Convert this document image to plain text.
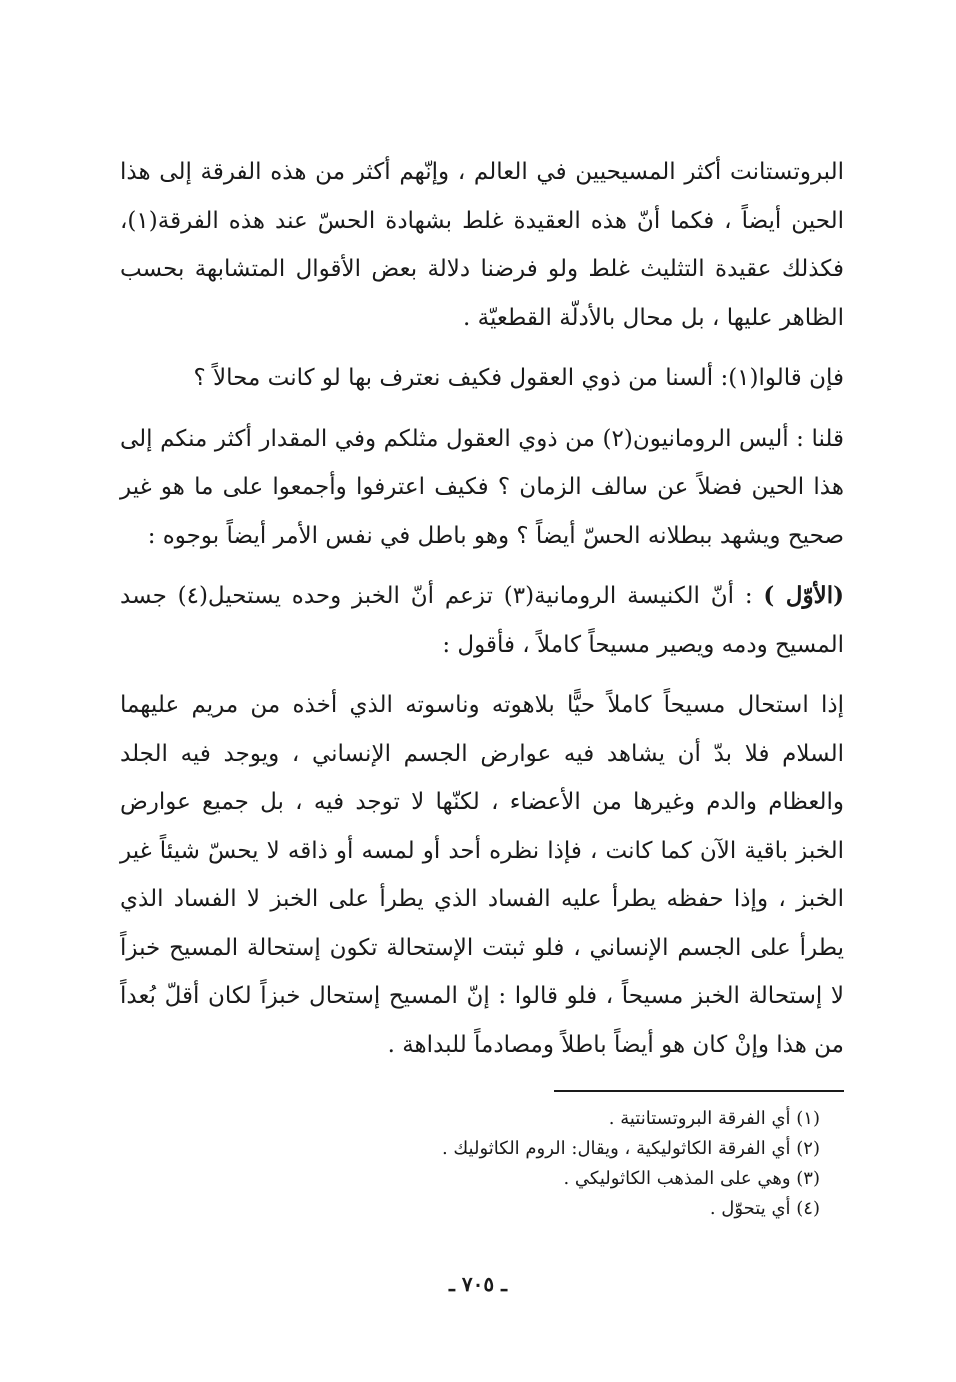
البروتستانت أكثر المسيحيين في العالم ، وإنّهم أكثر من هذه الفرقة إلى هذا الحين أيضاً ، فكما أنّ هذه العقيدة غلط بشهادة الحسّ عند هذه الفرقة(١)، فكذلك عقيدة التثليث غلط ولو فرضنا دلالة بعض الأقوال المتشابهة بحسب الظاهر عليها ، بل محال بالأدلّة القطعيّة .

فإن قالوا(١): ألسنا من ذوي العقول فكيف نعترف بها لو كانت محالاً ؟

قلنا : أليس الرومانيون(٢) من ذوي العقول مثلكم وفي المقدار أكثر منكم إلى هذا الحين فضلاً عن سالف الزمان ؟ فكيف اعترفوا وأجمعوا على ما هو غير صحيح ويشهد ببطلانه الحسّ أيضاً ؟ وهو باطل في نفس الأمر أيضاً بوجوه :

(الأوّل ) : أنّ الكنيسة الرومانية(٣) تزعم أنّ الخبز وحده يستحيل(٤) جسد المسيح ودمه ويصير مسيحاً كاملاً ، فأقول :

إذا استحال مسيحاً كاملاً حيًّا بلاهوته وناسوته الذي أخذه من مريم عليهما السلام فلا بدّ أن يشاهد فيه عوارض الجسم الإنساني ، ويوجد فيه الجلد والعظام والدم وغيرها من الأعضاء ، لكنّها لا توجد فيه ، بل جميع عوارض الخبز باقية الآن كما كانت ، فإذا نظره أحد أو لمسه أو ذاقه لا يحسّ شيئاً غير الخبز ، وإذا حفظه يطرأ عليه الفساد الذي يطرأ على الخبز لا الفساد الذي يطرأ على الجسم الإنساني ، فلو ثبتت الإستحالة تكون إستحالة المسيح خبزاً لا إستحالة الخبز مسيحاً ، فلو قالوا : إنّ المسيح إستحال خبزاً لكان أقلّ بُعداً من هذا وإنْ كان هو أيضاً باطلاً ومصادماً للبداهة .

(١) أي الفرقة البروتستانتية .

(٢) أي الفرقة الكاثوليكية ، ويقال: الروم الكاثوليك .

(٣) وهي على المذهب الكاثوليكي .

(٤) أي يتحوّل .

ـ ٧٠٥ ـ
